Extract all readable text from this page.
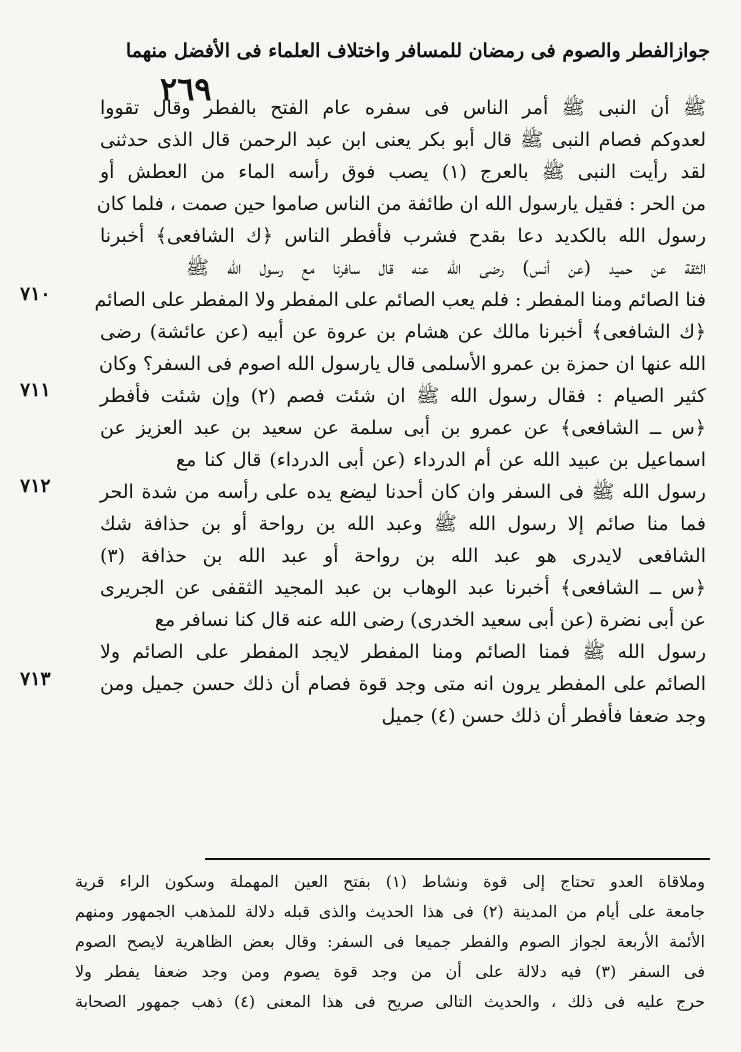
جوازالفطر والصوم فى رمضان للمسافر واختلاف العلماء فى الأفضل منهما
٢٦٩
ﷺ أن النبى ﷺ أمر الناس فى سفره عام الفتح بالفطر وقال تقووا
لعدوكم فصام النبى ﷺ قال أبو بكر يعنى ابن عبد الرحمن قال الذى حدثنى
لقد رأيت النبى ﷺ بالعرج (١) يصب فوق رأسه الماء من العطش أو
من الحر : فقيل يارسول الله ان طائفة من الناس صاموا حين صمت ، فلما كان
رسول الله بالكديد دعا بقدح فشرب فأفطر الناس ﴿ك الشافعى﴾ أخبرنا
الثقة عن حميد (عن أنس) رضى الله عنه قال سافرنا مع رسول الله ﷺ
فنا الصائم ومنا المفطر : فلم يعب الصائم على المفطر ولا المفطر على الصائم
﴿ك الشافعى﴾ أخبرنا مالك عن هشام بن عروة عن أبيه (عن عائشة) رضى
الله عنها ان حمزة بن عمرو الأسلمى قال يارسول الله اصوم فى السفر؟ وكان
كثير الصيام : فقال رسول الله ﷺ ان شئت فصم (٢) وإن شئت فأفطر
﴿س ــ الشافعى﴾ عن عمرو بن أبى سلمة عن سعيد بن عبد العزيز عن
اسماعيل بن عبيد الله عن أم الدرداء (عن أبى الدرداء) قال كنا مع
رسول الله ﷺ فى السفر وان كان أحدنا ليضع يده على رأسه من شدة الحر
فما منا صائم إلا رسول الله ﷺ وعبد الله بن رواحة أو بن حذافة شك
الشافعى لايدرى هو عبد الله بن رواحة أو عبد الله بن حذافة (٣)
﴿س ــ الشافعى﴾ أخبرنا عبد الوهاب بن عبد المجيد الثقفى عن الجريرى
عن أبى نضرة (عن أبى سعيد الخدرى) رضى الله عنه قال كنا نسافر مع
رسول الله ﷺ فمنا الصائم ومنا المفطر لايجد المفطر على الصائم ولا
الصائم على المفطر يرون انه متى وجد قوة فصام أن ذلك حسن جميل ومن
وجد ضعفا فأفطر أن ذلك حسن (٤) جميل
٧١٠
٧١١
٧١٢
٧١٣
وملاقاة العدو تحتاج إلى قوة ونشاط (١) بفتح العين المهملة وسكون الراء قرية
جامعة على أيام من المدينة (٢) فى هذا الحديث والذى قبله دلالة للمذهب الجمهور ومنهم
الأئمة الأربعة لجواز الصوم والفطر جميعا فى السفر: وقال بعض الظاهرية لايصح الصوم
فى السفر (٣) فيه دلالة على أن من وجد قوة يصوم ومن وجد ضعفا يفطر ولا
حرج عليه فى ذلك ، والحديث التالى صريح فى هذا المعنى (٤) ذهب جمهور الصحابة
